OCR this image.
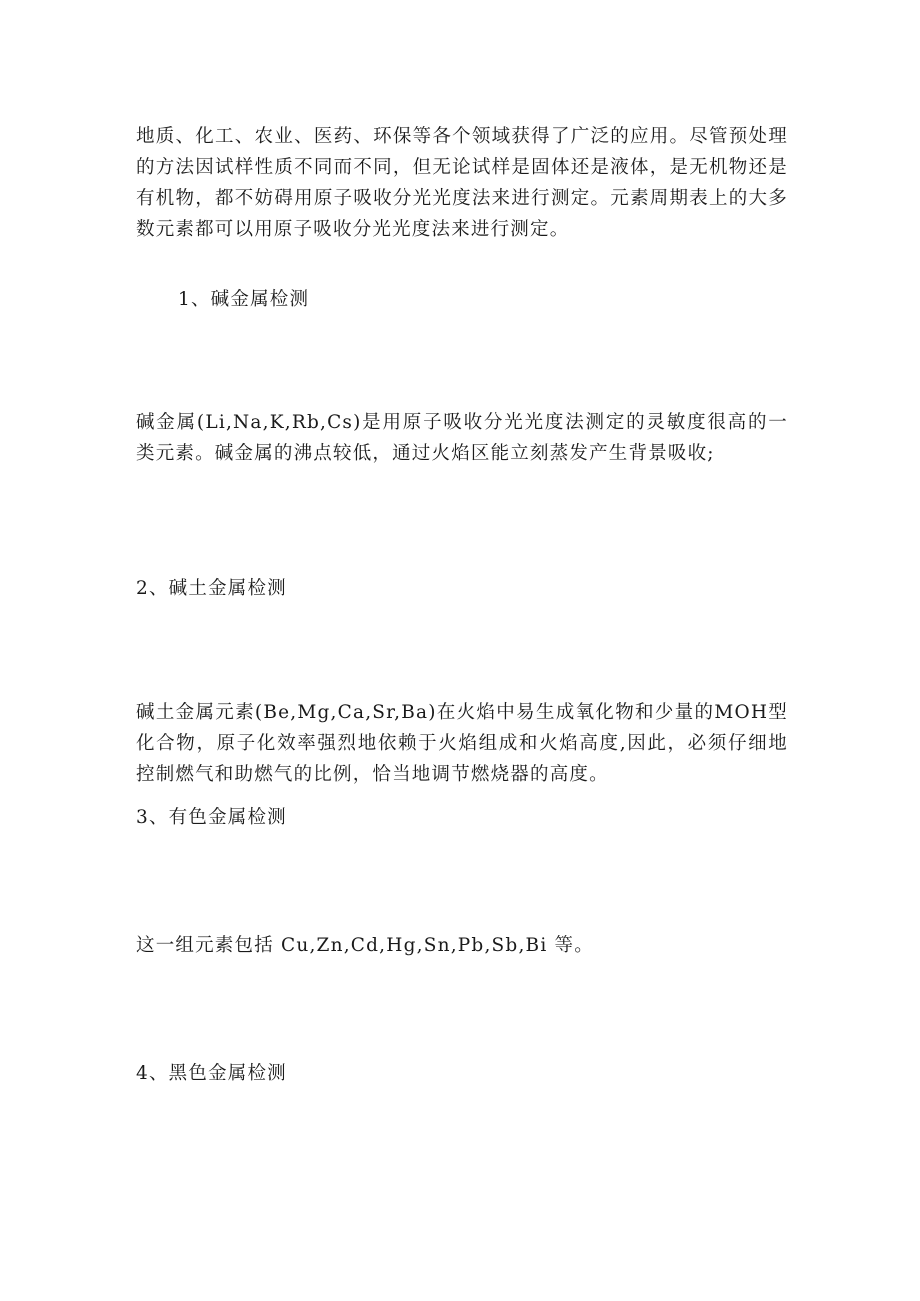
地质、化工、农业、医药、环保等各个领域获得了广泛的应用。尽管预处理的方法因试样性质不同而不同，但无论试样是固体还是液体，是无机物还是有机物，都不妨碍用原子吸收分光光度法来进行测定。元素周期表上的大多数元素都可以用原子吸收分光光度法来进行测定。

1、碱金属检测

碱金属(Li,Na,K,Rb,Cs)是用原子吸收分光光度法测定的灵敏度很高的一类元素。碱金属的沸点较低，通过火焰区能立刻蒸发产生背景吸收;

2、碱土金属检测

碱土金属元素(Be,Mg,Ca,Sr,Ba)在火焰中易生成氧化物和少量的MOH型化合物，原子化效率强烈地依赖于火焰组成和火焰高度,因此，必须仔细地控制燃气和助燃气的比例，恰当地调节燃烧器的高度。

3、有色金属检测

这一组元素包括 Cu,Zn,Cd,Hg,Sn,Pb,Sb,Bi 等。

4、黑色金属检测
